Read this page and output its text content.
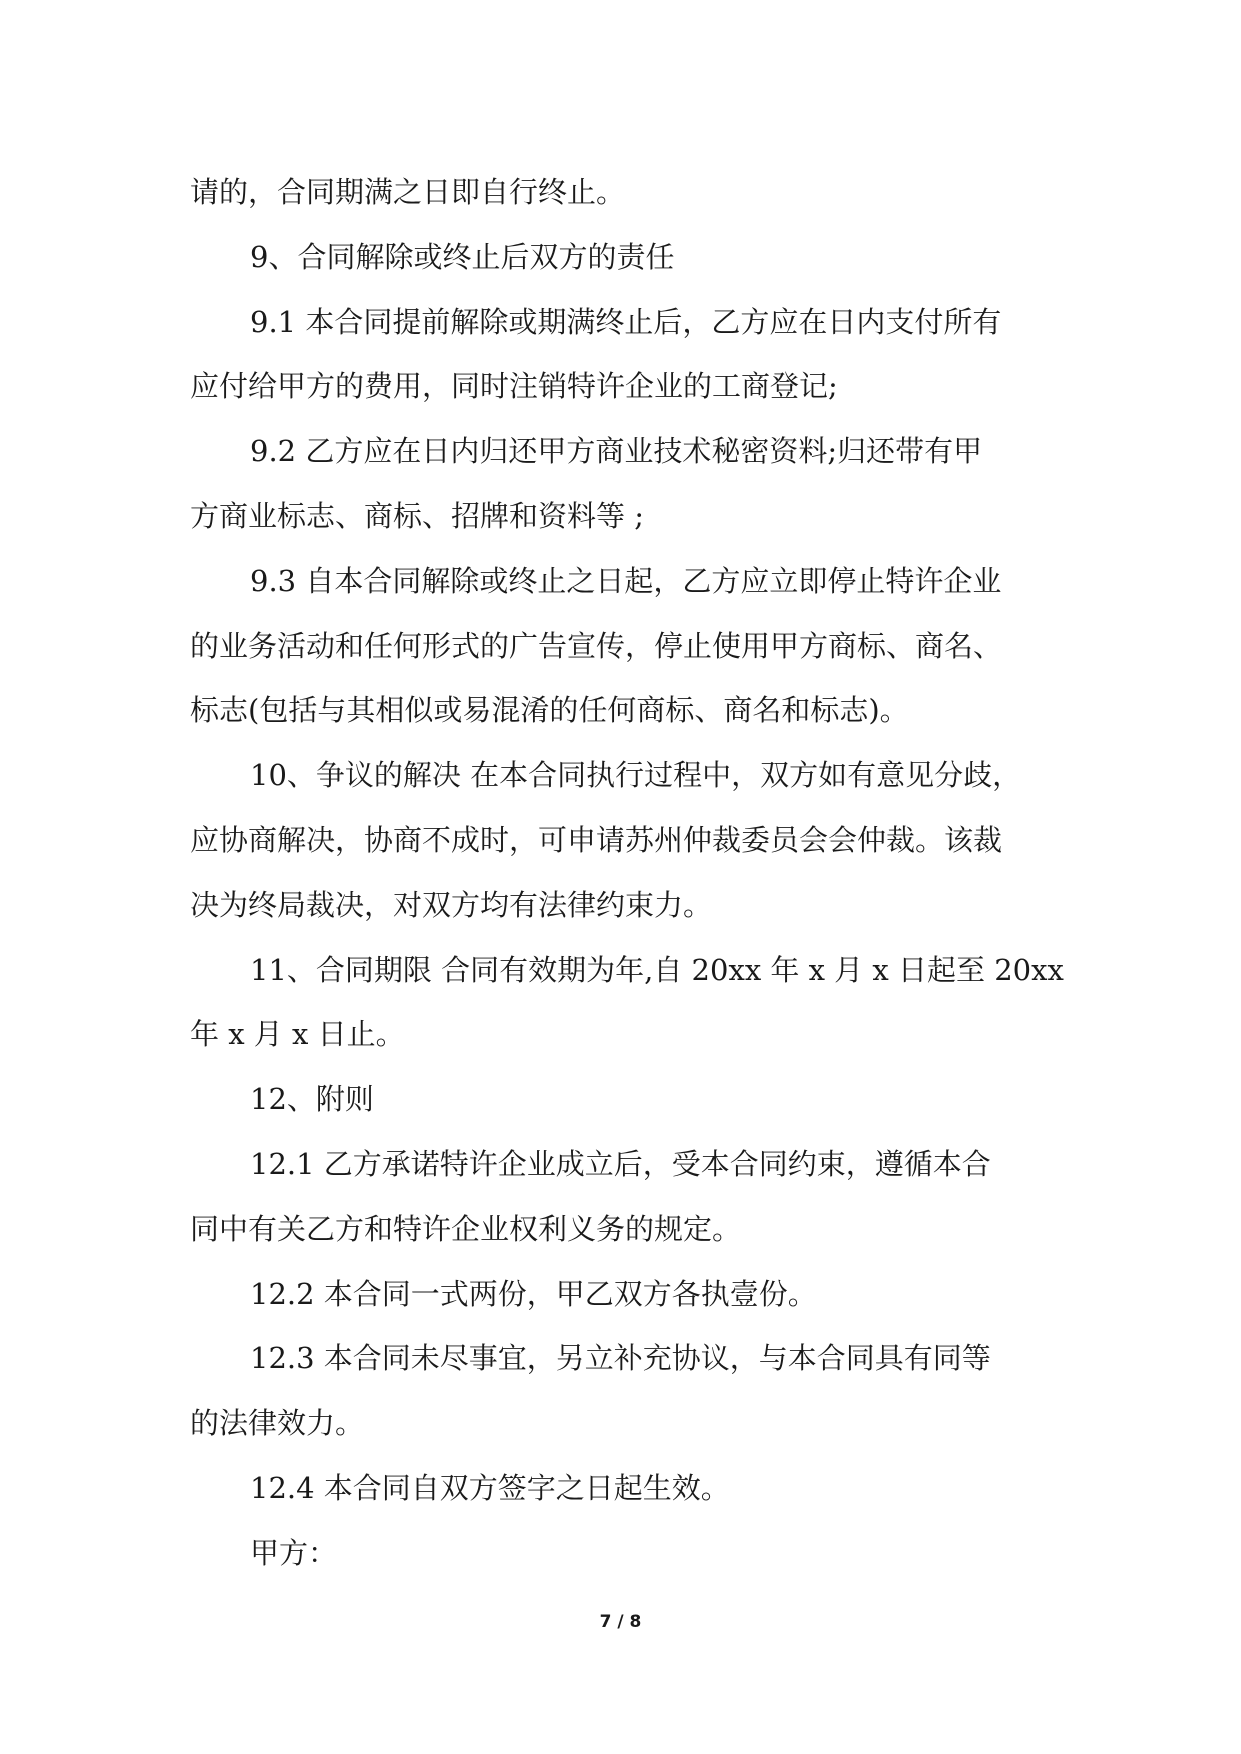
请的，合同期满之日即自行终止。
9、合同解除或终止后双方的责任
9.1 本合同提前解除或期满终止后，乙方应在日内支付所有
应付给甲方的费用，同时注销特许企业的工商登记;
9.2 乙方应在日内归还甲方商业技术秘密资料;归还带有甲
方商业标志、商标、招牌和资料等 ;
9.3 自本合同解除或终止之日起，乙方应立即停止特许企业
的业务活动和任何形式的广告宣传，停止使用甲方商标、商名、
标志(包括与其相似或易混淆的任何商标、商名和标志)。
10、争议的解决 在本合同执行过程中，双方如有意见分歧，
应协商解决，协商不成时，可申请苏州仲裁委员会会仲裁。该裁
决为终局裁决，对双方均有法律约束力。
11、合同期限 合同有效期为年,自 20xx 年 x 月 x 日起至 20xx
年 x 月 x 日止。
12、附则
12.1 乙方承诺特许企业成立后，受本合同约束，遵循本合
同中有关乙方和特许企业权利义务的规定。
12.2 本合同一式两份，甲乙双方各执壹份。
12.3 本合同未尽事宜，另立补充协议，与本合同具有同等
的法律效力。
12.4 本合同自双方签字之日起生效。
甲方：
7 / 8
